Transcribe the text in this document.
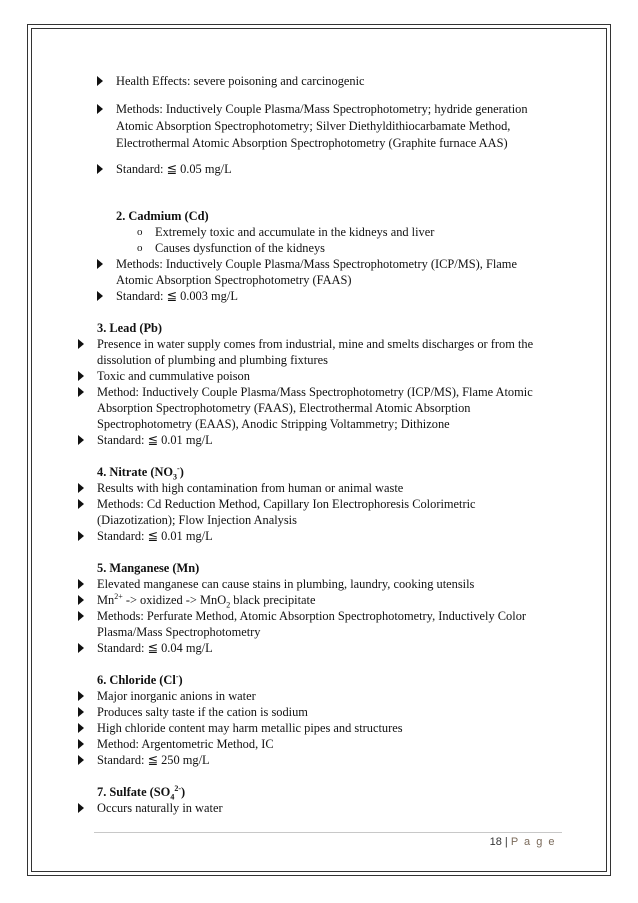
Health Effects: severe poisoning and carcinogenic
Methods: Inductively Couple Plasma/Mass Spectrophotometry; hydride generation
Atomic Absorption Spectrophotometry; Silver Diethyldithiocarbamate Method,
Electrothermal Atomic Absorption Spectrophotometry (Graphite furnace AAS)
Standard: ≦ 0.05 mg/L
2. Cadmium (Cd)
o Extremely toxic and accumulate in the kidneys and liver
o Causes dysfunction of the kidneys
Methods: Inductively Couple Plasma/Mass Spectrophotometry (ICP/MS), Flame
Atomic Absorption Spectrophotometry (FAAS)
Standard: ≦ 0.003 mg/L
3. Lead (Pb)
Presence in water supply comes from industrial, mine and smelts discharges or from the
dissolution of plumbing and plumbing fixtures
Toxic and cummulative poison
Method: Inductively Couple Plasma/Mass Spectrophotometry (ICP/MS), Flame Atomic
Absorption Spectrophotometry (FAAS), Electrothermal Atomic Absorption
Spectrophotometry (EAAS), Anodic Stripping Voltammetry; Dithizone
Standard: ≦ 0.01 mg/L
4. Nitrate $(NO_3^-)$
Results with high contamination from human or animal waste
Methods: Cd Reduction Method, Capillary Ion Electrophoresis Colorimetric
(Diazotization); Flow Injection Analysis
Standard: ≦ 0.01 mg/L
5. Manganese (Mn)
Elevated manganese can cause stains in plumbing, laundry, cooking utensils
$Mn^{2+}$ -> oxidized -> MnO$_2$ black precipitate
Methods: Perfurate Method, Atomic Absorption Spectrophotometry, Inductively Color
Plasma/Mass Spectrophotometry
Standard: ≦ 0.04 mg/L
6. Chloride (Cl-)
Major inorganic anions in water
Produces salty taste if the cation is sodium
High chloride content may harm metallic pipes and structures
Method: Argentometric Method, IC
Standard: ≦ 250 mg/L
7. Sulfate $(SO_4^{2-})$
Occurs naturally in water
18 | P a g e
